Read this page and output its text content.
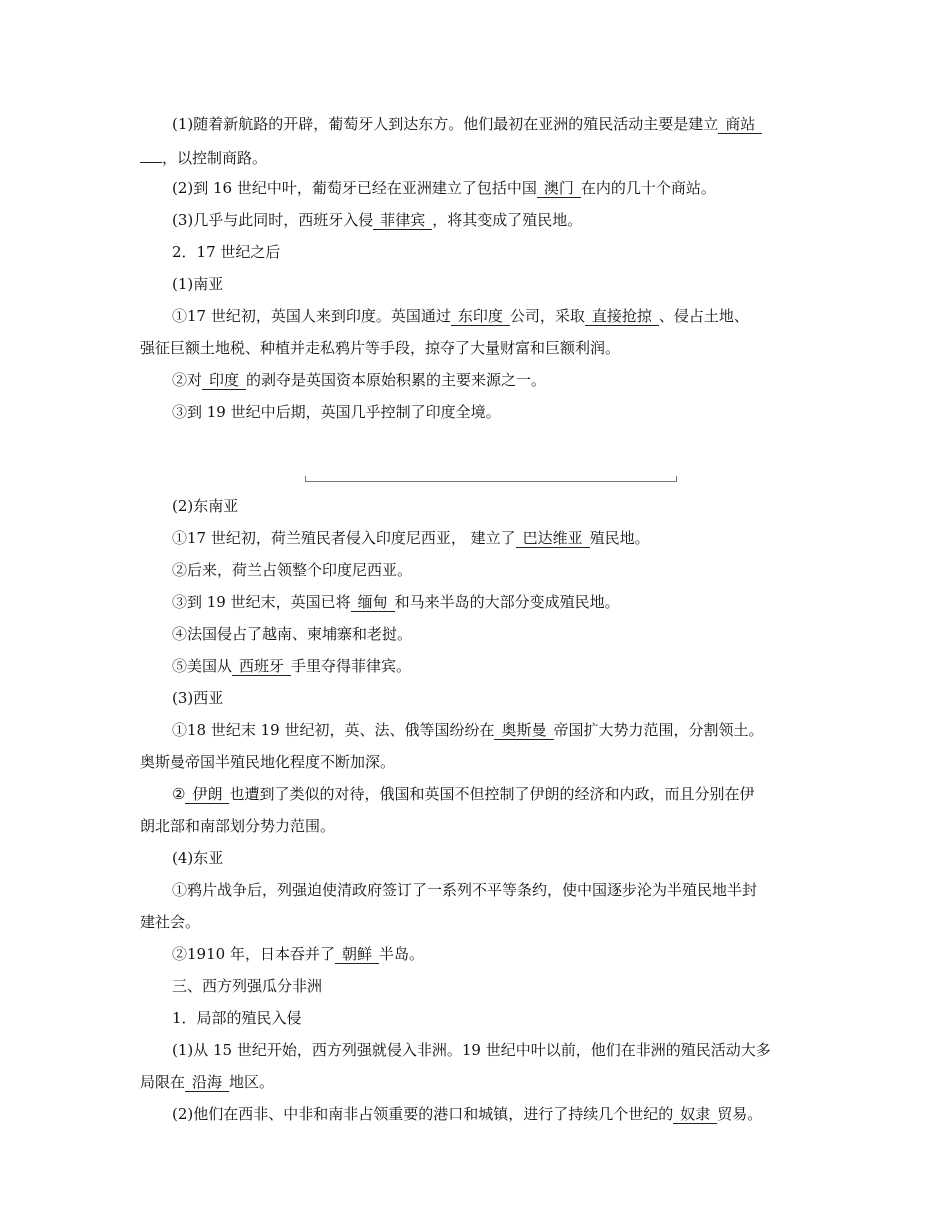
(1)随着新航路的开辟，葡萄牙人到达东方。他们最初在亚洲的殖民活动主要是建立 商站
，以控制商路。
(2)到 16 世纪中叶，葡萄牙已经在亚洲建立了包括中国 澳门 在内的几十个商站。
(3)几乎与此同时，西班牙入侵 菲律宾 ，将其变成了殖民地。
2．17 世纪之后
(1)南亚
①17 世纪初，英国人来到印度。英国通过 东印度 公司，采取 直接抢掠 、侵占土地、
强征巨额土地税、种植并走私鸦片等手段，掠夺了大量财富和巨额利润。
②对 印度 的剥夺是英国资本原始积累的主要来源之一。
③到 19 世纪中后期，英国几乎控制了印度全境。
(2)东南亚
①17 世纪初，荷兰殖民者侵入印度尼西亚， 建立了 巴达维亚 殖民地。
②后来，荷兰占领整个印度尼西亚。
③到 19 世纪末，英国已将 缅甸 和马来半岛的大部分变成殖民地。
④法国侵占了越南、柬埔寨和老挝。
⑤美国从 西班牙 手里夺得菲律宾。
(3)西亚
①18 世纪末 19 世纪初，英、法、俄等国纷纷在 奥斯曼 帝国扩大势力范围，分割领土。
奥斯曼帝国半殖民地化程度不断加深。
② 伊朗 也遭到了类似的对待，俄国和英国不但控制了伊朗的经济和内政，而且分别在伊
朗北部和南部划分势力范围。
(4)东亚
①鸦片战争后，列强迫使清政府签订了一系列不平等条约，使中国逐步沦为半殖民地半封
建社会。
②1910 年，日本吞并了 朝鲜 半岛。
三、西方列强瓜分非洲
1．局部的殖民入侵
(1)从 15 世纪开始，西方列强就侵入非洲。19 世纪中叶以前，他们在非洲的殖民活动大多
局限在 沿海 地区。
(2)他们在西非、中非和南非占领重要的港口和城镇，进行了持续几个世纪的 奴隶 贸易。
